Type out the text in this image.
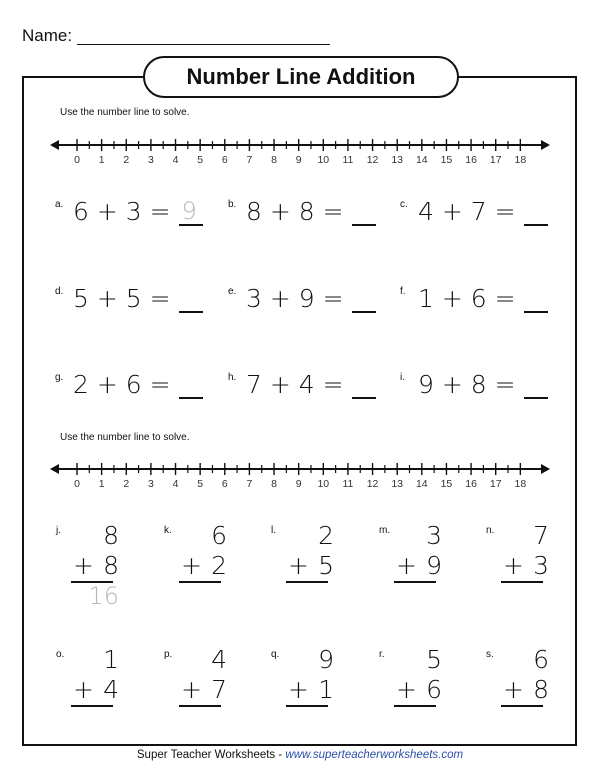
Name:
Number Line Addition
Use the number line to solve.
0 1 2 3 4 5 6 7 8 9 10 11 12 13 14 15 16 17 18
a. 6 + 3 = 9	b. 8 + 8 =	c. 4 + 7 =
d. 5 + 5 =	e. 3 + 9 =	f. 1 + 6 =
g. 2 + 6 =	h. 7 + 4 =	i. 9 + 8 =
Use the number line to solve.
0 1 2 3 4 5 6 7 8 9 10 11 12 13 14 15 16 17 18
j. 8
+ 8
16
k. 6
+ 2
l. 2
+ 5
m. 3
+ 9
n. 7
+ 3
o. 1
+ 4
p. 4
+ 7
q. 9
+ 1
r. 5
+ 6
s. 6
+ 8
Super Teacher Worksheets - www.superteacherworksheets.com
